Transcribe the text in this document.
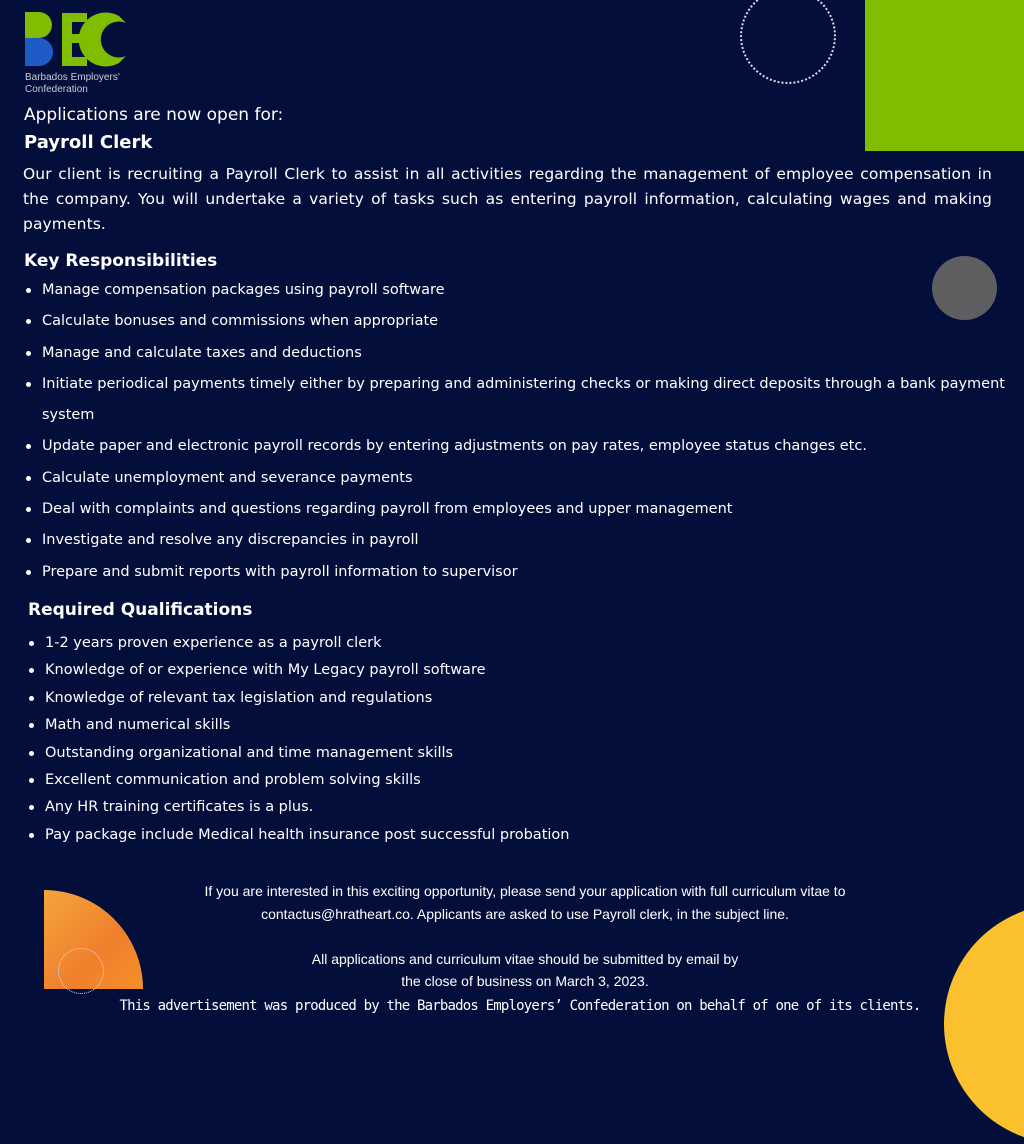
Barbados Employers'
Confederation
Applications are now open for:
Payroll Clerk
Our client is recruiting a Payroll Clerk to assist in all activities regarding the management of employee compensation in the company. You will undertake a variety of tasks such as entering payroll information, calculating wages and making payments.
Key Responsibilities
Manage compensation packages using payroll software
Calculate bonuses and commissions when appropriate
Manage and calculate taxes and deductions
Initiate periodical payments timely either by preparing and administering checks or making direct deposits through a bank payment system
Update paper and electronic payroll records by entering adjustments on pay rates, employee status changes etc.
Calculate unemployment and severance payments
Deal with complaints and questions regarding payroll from employees and upper management
Investigate and resolve any discrepancies in payroll
Prepare and submit reports with payroll information to supervisor
Required Qualifications
1-2 years proven experience as a payroll clerk
Knowledge of or experience with My Legacy payroll software
Knowledge of relevant tax legislation and regulations
Math and numerical skills
Outstanding organizational and time management skills
Excellent communication and problem solving skills
Any HR training certificates is a plus.
Pay package include Medical health insurance post successful probation

If you are interested in this exciting opportunity, please send your application with full curriculum vitae to

contactus@hratheart.co. Applicants are asked to use Payroll clerk, in the subject line.

All applications and curriculum vitae should be submitted by email by

the close of business on March 3, 2023.

This advertisement was produced by the Barbados Employers’ Confederation on behalf of one of its clients.
